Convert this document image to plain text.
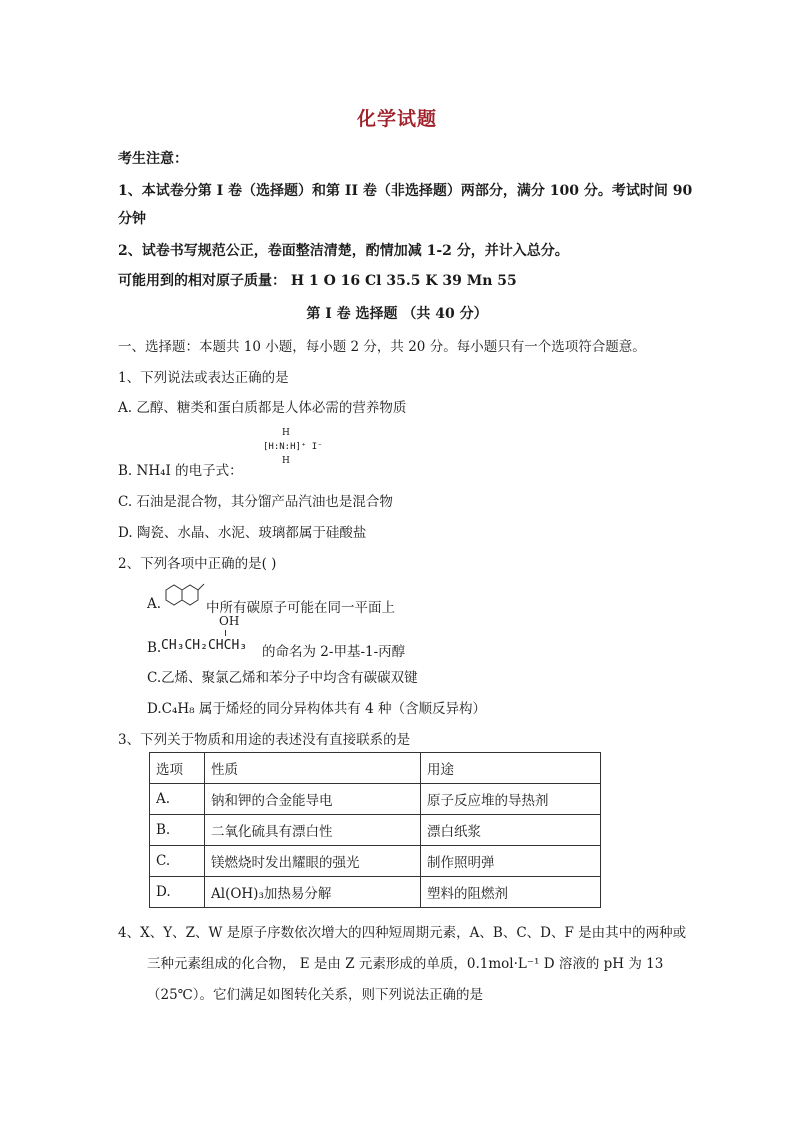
化学试题
考生注意：
1、本试卷分第 I 卷（选择题）和第 II 卷（非选择题）两部分，满分 100 分。考试时间 90
分钟
2、试卷书写规范公正，卷面整洁清楚，酌情加减 1-2 分，并计入总分。
可能用到的相对原子质量： H 1 O 16 Cl 35.5 K 39 Mn 55
第 I 卷 选择题 （共 40 分）
一、选择题：本题共 10 小题，每小题 2 分，共 20 分。每小题只有一个选项符合题意。
1、下列说法或表达正确的是
A. 乙醇、糖类和蛋白质都是人体必需的营养物质
H
[H:N:H]⁺ I⁻
H
B. NH₄I 的电子式：
C. 石油是混合物，其分馏产品汽油也是混合物
D. 陶瓷、水晶、水泥、玻璃都属于硅酸盐
2、下列各项中正确的是( )
A.	中所有碳原子可能在同一平面上
OH
B. CH₃CH₂CHCH₃ 的命名为 2-甲基-1-丙醇
C.乙烯、聚氯乙烯和苯分子中均含有碳碳双键
D.C₄H₈ 属于烯烃的同分异构体共有 4 种（含顺反异构）
3、下列关于物质和用途的表述没有直接联系的是
选项	性质	用途
A.	钠和钾的合金能导电	原子反应堆的导热剂
B.	二氧化硫具有漂白性	漂白纸浆
C.	镁燃烧时发出耀眼的强光	制作照明弹
D.	Al(OH)₃加热易分解	塑料的阻燃剂
4、X、Y、Z、W 是原子序数依次增大的四种短周期元素，A、B、C、D、F 是由其中的两种或
三种元素组成的化合物， E 是由 Z 元素形成的单质，0.1mol·L⁻¹ D 溶液的 pH 为 13
（25℃）。它们满足如图转化关系，则下列说法正确的是
